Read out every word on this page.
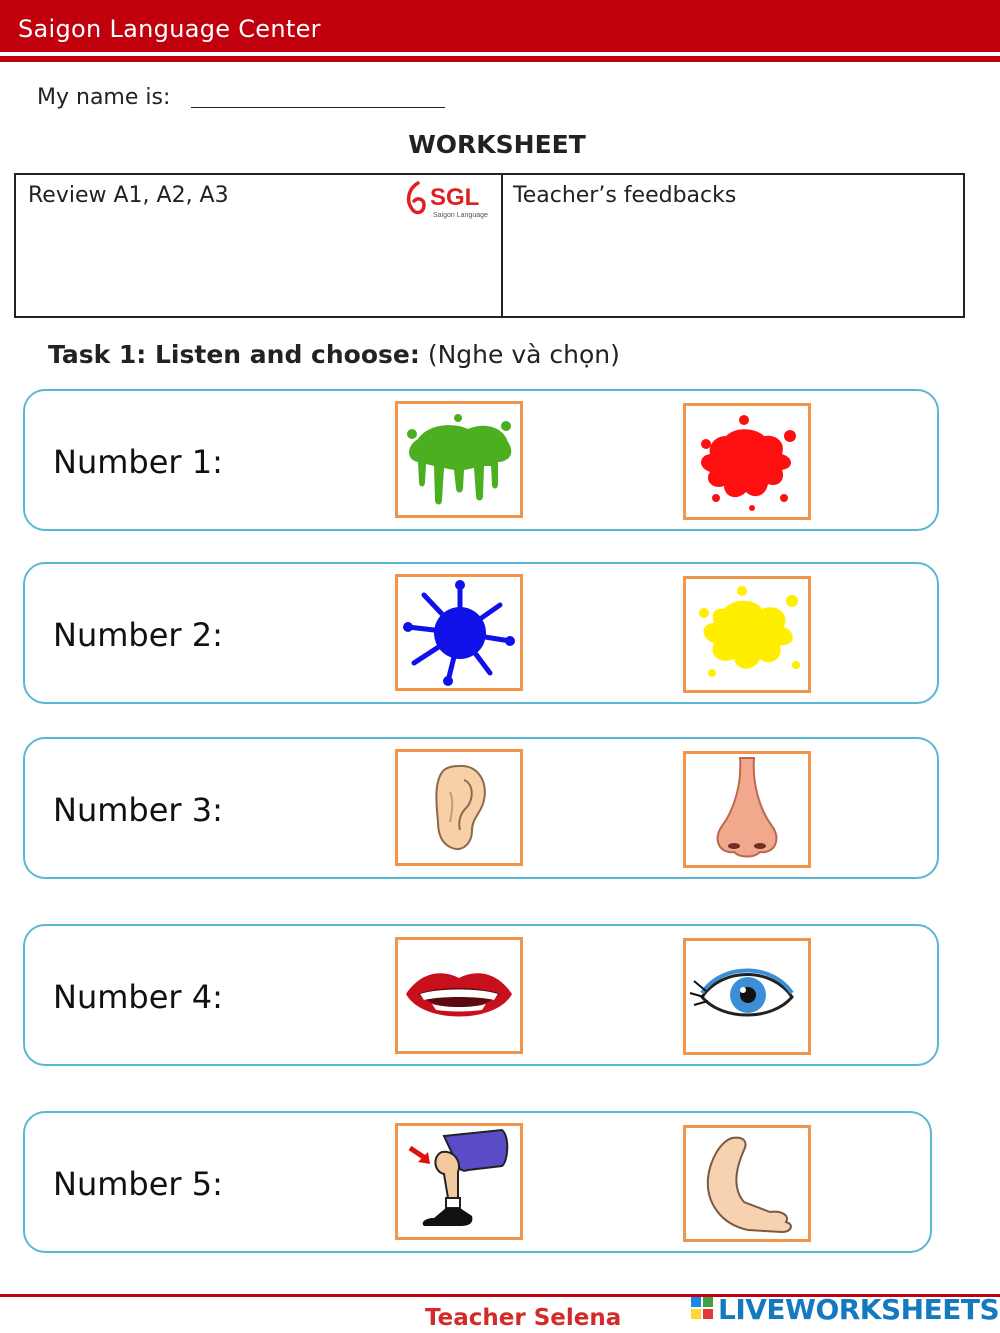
Saigon Language Center
My name is:
WORKSHEET
Review A1, A2, A3	SGL
Saigon Language
Teacher’s feedbacks
Task 1: Listen and choose: (Nghe và chọn)
Number 1:
Number 2:
Number 3:
Number 4:
Number 5:
Teacher Selena	LIVEWORKSHEETS
